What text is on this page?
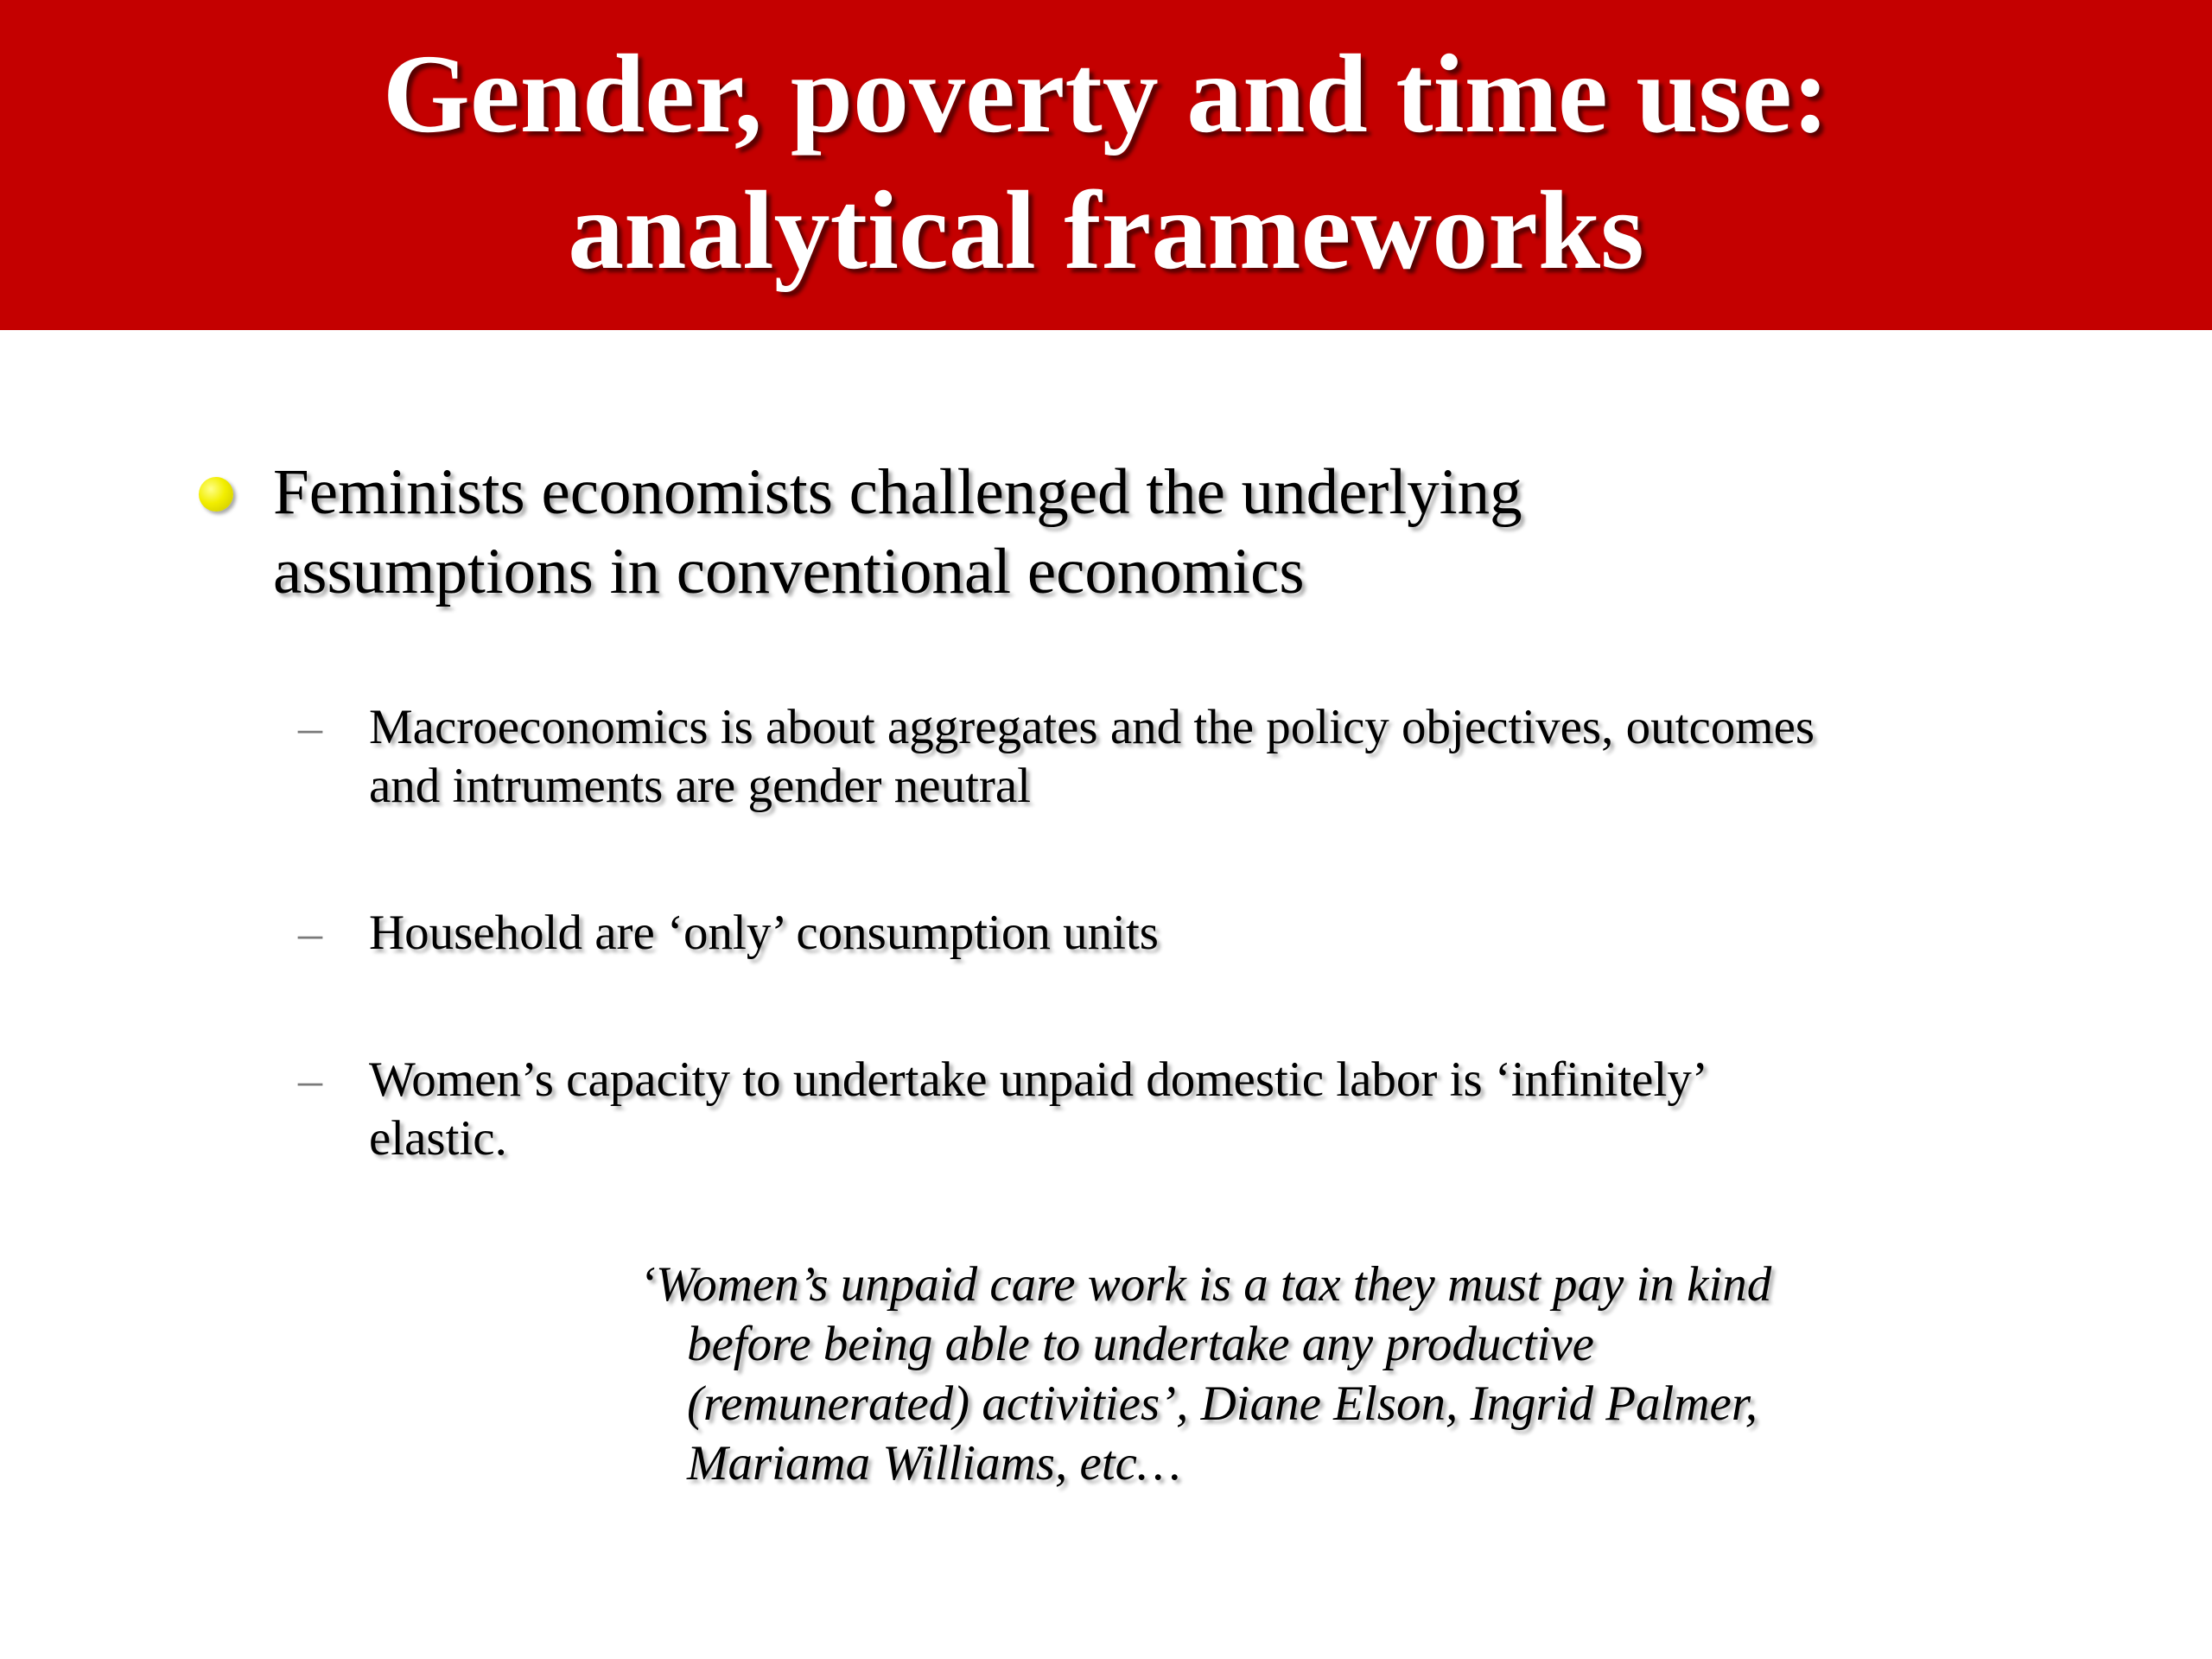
Gender, poverty and time use:
analytical frameworks
Feminists economists challenged the underlying
assumptions in conventional economics
– Macroeconomics is about aggregates and the policy objectives, outcomes
and intruments are gender neutral
– Household are ‘only’ consumption units
– Women’s capacity to undertake unpaid domestic labor is ‘infinitely’
elastic.
‘Women’s unpaid care work is a tax they must pay in kind
before being able to undertake any productive
(remunerated) activities’, Diane Elson, Ingrid Palmer,
Mariama Williams, etc…
